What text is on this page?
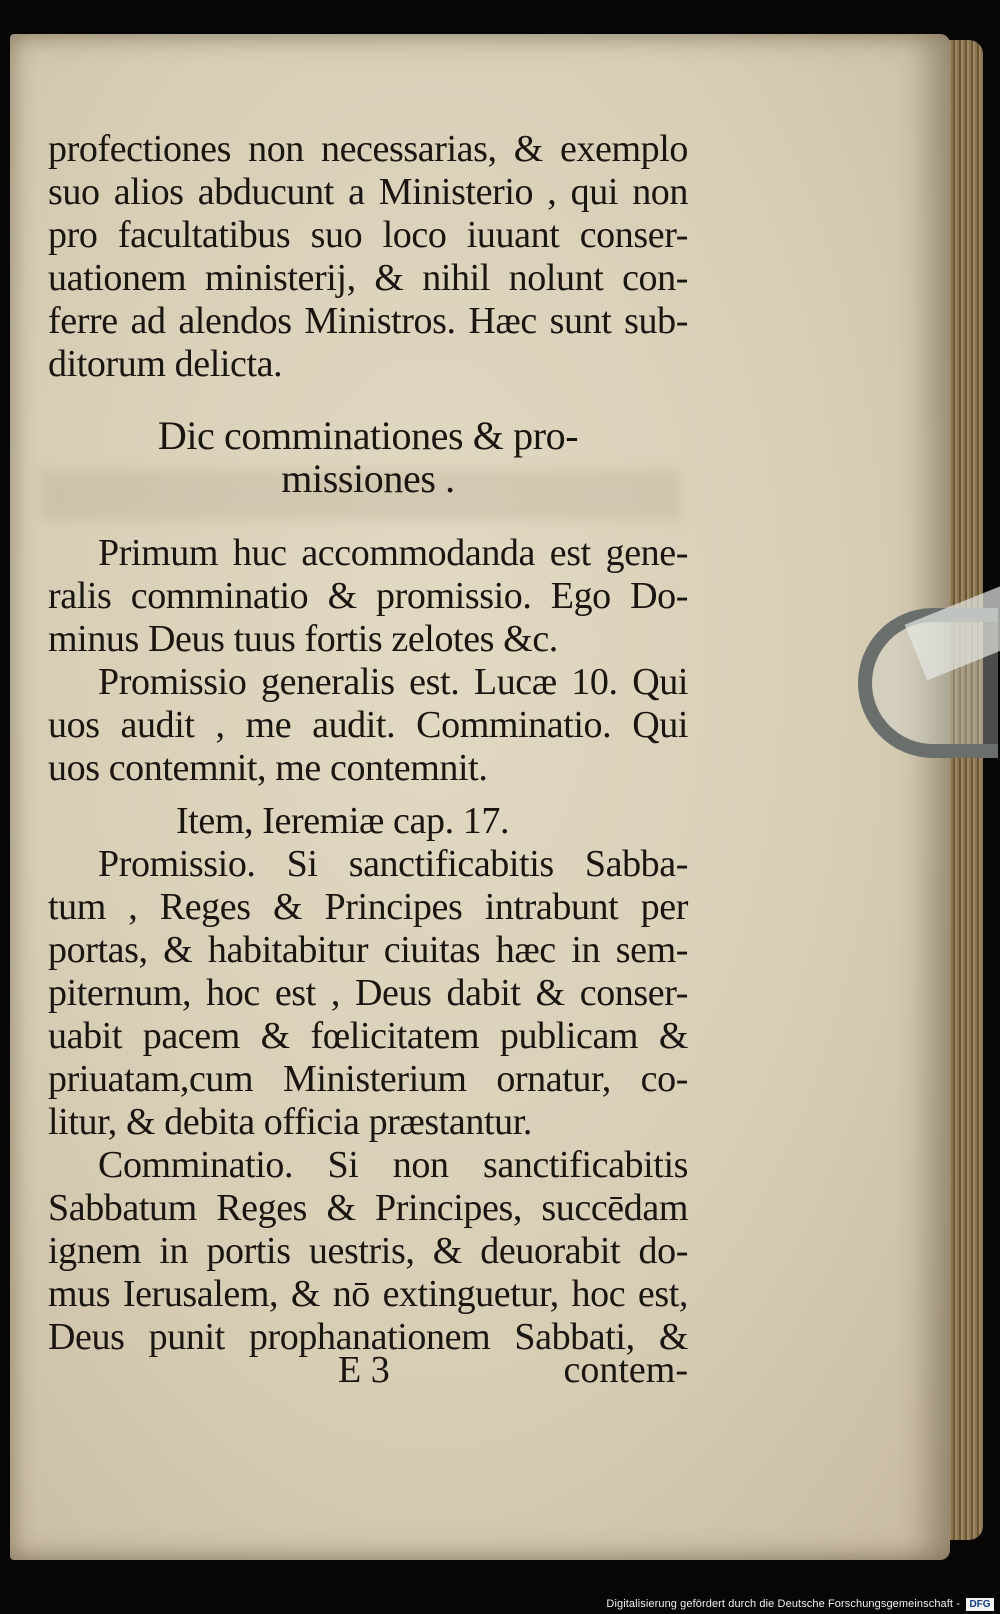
profectiones non necessarias, & exemplo
suo alios abducunt a Ministerio , qui non
pro facultatibus suo loco iuuant conser-
uationem ministerij, & nihil nolunt con-
ferre ad alendos Ministros. Hæc sunt sub-
ditorum delicta.
Dic comminationes & pro-
missiones .
Primum huc accommodanda est gene-
ralis comminatio & promissio. Ego Do-
minus Deus tuus fortis zelotes &c.
Promissio generalis est. Lucæ 10. Qui
uos audit , me audit. Comminatio. Qui
uos contemnit, me contemnit.
Item, Ieremiæ cap. 17.
Promissio. Si sanctificabitis Sabba-
tum , Reges & Principes intrabunt per
portas, & habitabitur ciuitas hæc in sem-
piternum, hoc est , Deus dabit & conser-
uabit pacem & fœlicitatem publicam &
priuatam,cum Ministerium ornatur, co-
litur, & debita officia præstantur.
Comminatio. Si non sanctificabitis
Sabbatum Reges & Principes, succēdam
ignem in portis uestris, & deuorabit do-
mus Ierusalem, & nō extinguetur, hoc est,
Deus punit prophanationem Sabbati, &
E 3	contem-
Digitalisierung gefördert durch die Deutsche Forschungsgemeinschaft - DFG
